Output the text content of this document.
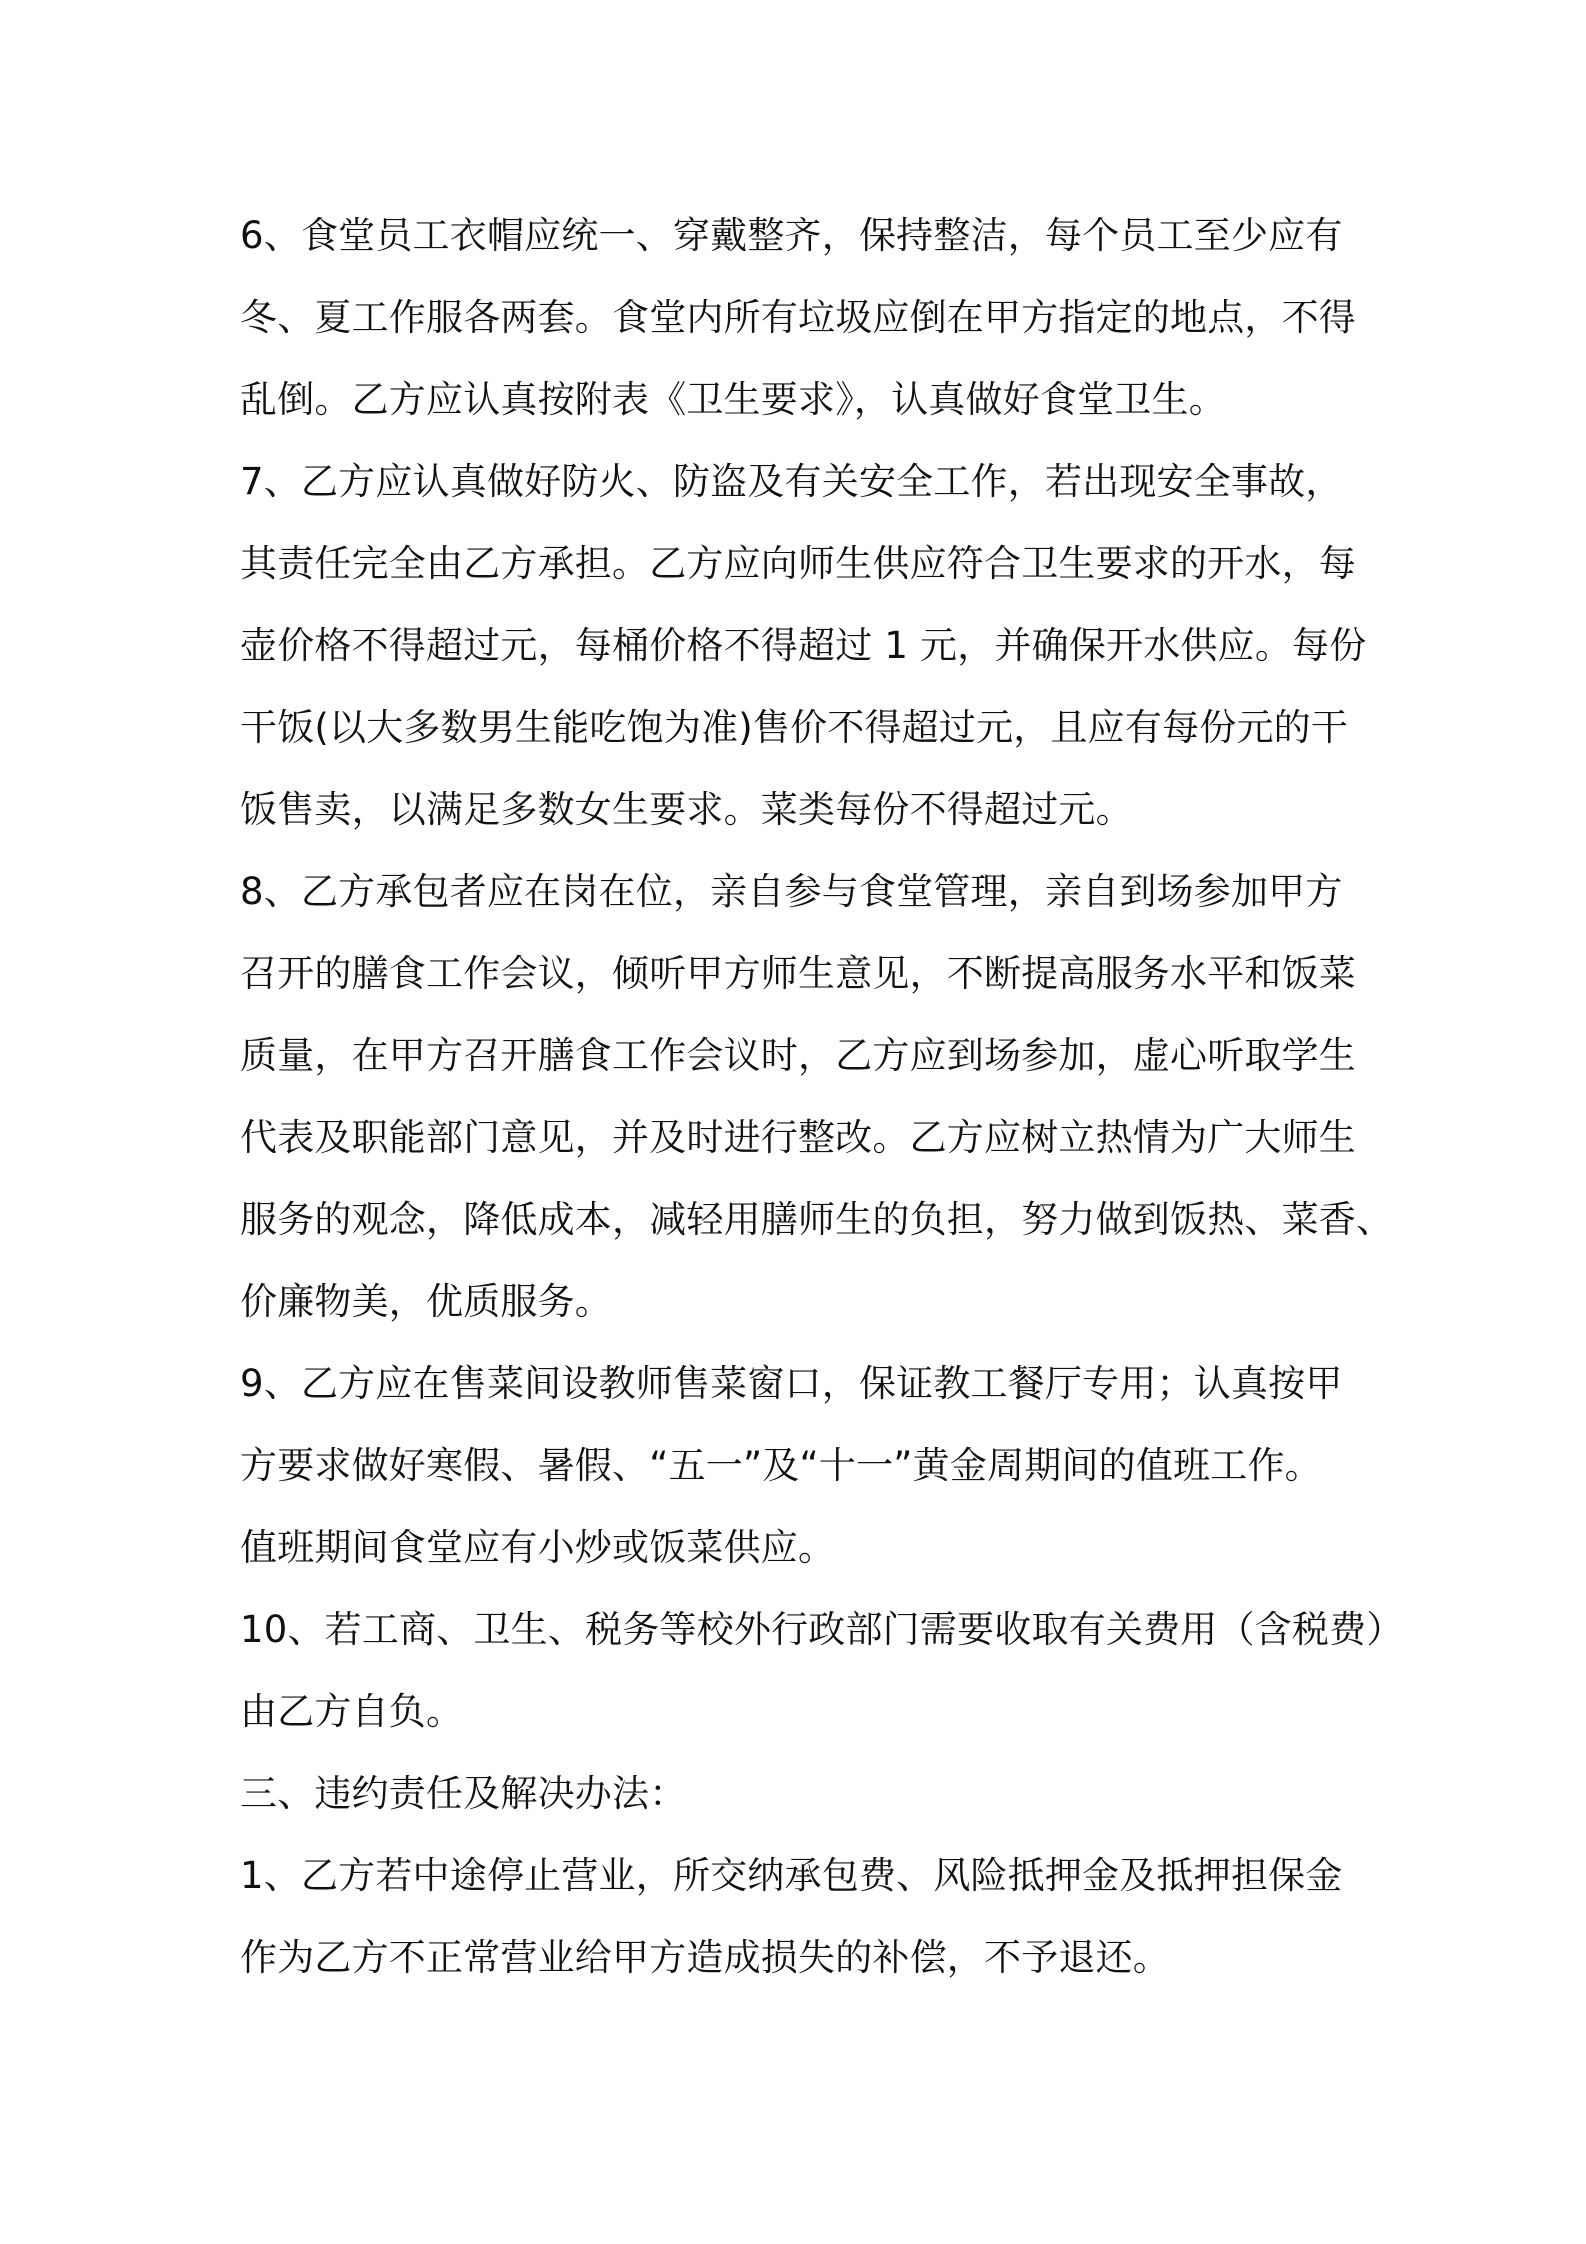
6、食堂员工衣帽应统一、穿戴整齐，保持整洁，每个员工至少应有
冬、夏工作服各两套。食堂内所有垃圾应倒在甲方指定的地点，不得
乱倒。乙方应认真按附表《卫生要求》，认真做好食堂卫生。
7、乙方应认真做好防火、防盗及有关安全工作，若出现安全事故，
其责任完全由乙方承担。乙方应向师生供应符合卫生要求的开水，每
壶价格不得超过元，每桶价格不得超过 1 元，并确保开水供应。每份
干饭(以大多数男生能吃饱为准)售价不得超过元，且应有每份元的干
饭售卖，以满足多数女生要求。菜类每份不得超过元。
8、乙方承包者应在岗在位，亲自参与食堂管理，亲自到场参加甲方
召开的膳食工作会议，倾听甲方师生意见，不断提高服务水平和饭菜
质量，在甲方召开膳食工作会议时，乙方应到场参加，虚心听取学生
代表及职能部门意见，并及时进行整改。乙方应树立热情为广大师生
服务的观念，降低成本，减轻用膳师生的负担，努力做到饭热、菜香、
价廉物美，优质服务。
9、乙方应在售菜间设教师售菜窗口，保证教工餐厅专用；认真按甲
方要求做好寒假、暑假、“五一”及“十一”黄金周期间的值班工作。
值班期间食堂应有小炒或饭菜供应。
10、若工商、卫生、税务等校外行政部门需要收取有关费用（含税费）
由乙方自负。
三、违约责任及解决办法：
1、乙方若中途停止营业，所交纳承包费、风险抵押金及抵押担保金
作为乙方不正常营业给甲方造成损失的补偿，不予退还。
